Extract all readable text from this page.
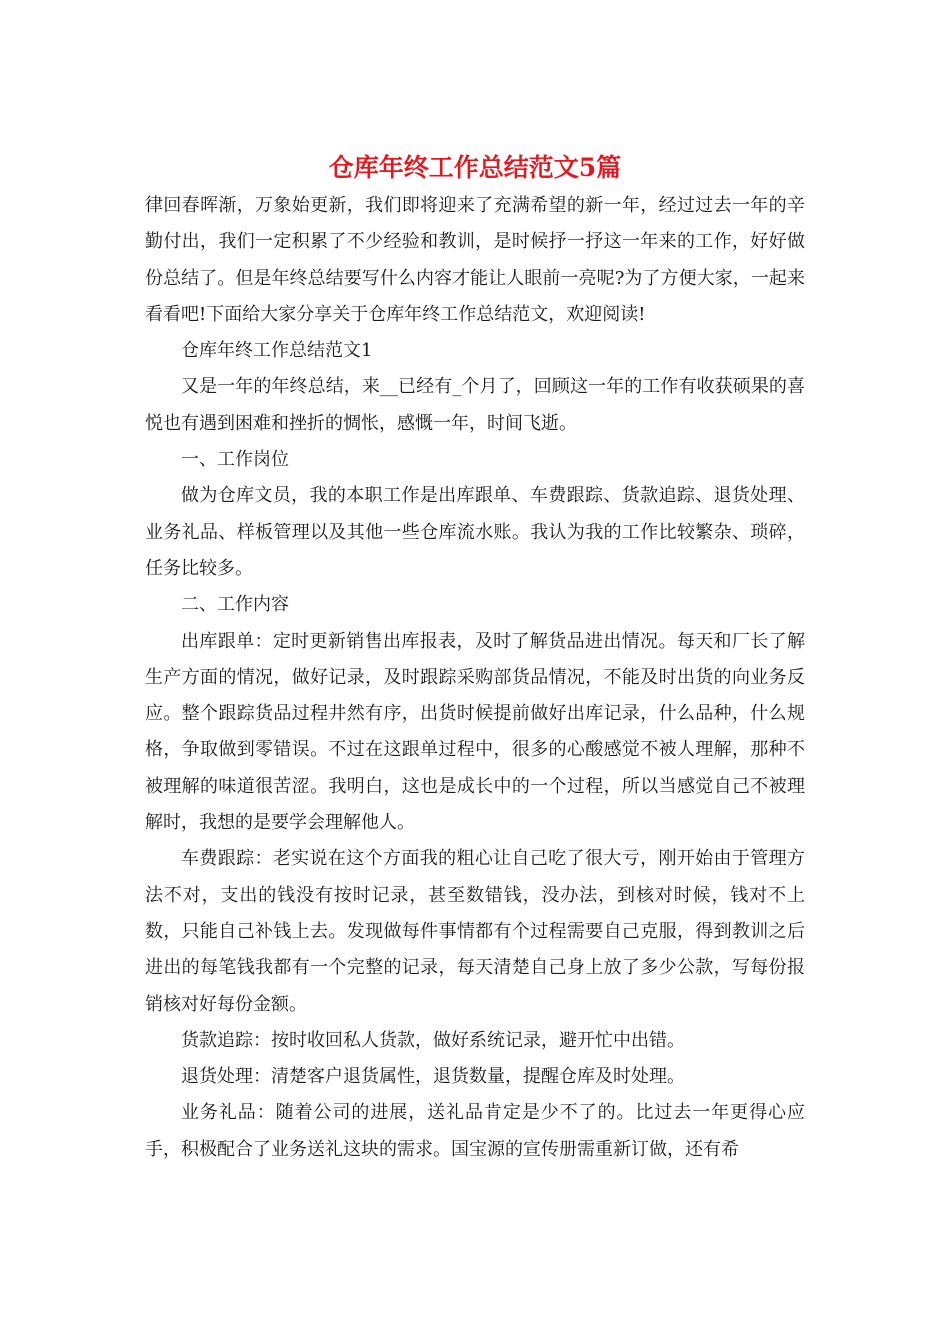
仓库年终工作总结范文5篇

律回春晖渐，万象始更新，我们即将迎来了充满希望的新一年，经过过去一年的辛勤付出，我们一定积累了不少经验和教训，是时候抒一抒这一年来的工作，好好做份总结了。但是年终总结要写什么内容才能让人眼前一亮呢?为了方便大家，一起来看看吧!下面给大家分享关于仓库年终工作总结范文，欢迎阅读!

仓库年终工作总结范文1

又是一年的年终总结，来__已经有_个月了，回顾这一年的工作有收获硕果的喜悦也有遇到困难和挫折的惆怅，感慨一年，时间飞逝。

一、工作岗位

做为仓库文员，我的本职工作是出库跟单、车费跟踪、货款追踪、退货处理、业务礼品、样板管理以及其他一些仓库流水账。我认为我的工作比较繁杂、琐碎，任务比较多。

二、工作内容

出库跟单：定时更新销售出库报表，及时了解货品进出情况。每天和厂长了解生产方面的情况，做好记录，及时跟踪采购部货品情况，不能及时出货的向业务反应。整个跟踪货品过程井然有序，出货时候提前做好出库记录，什么品种，什么规格，争取做到零错误。不过在这跟单过程中，很多的心酸感觉不被人理解，那种不被理解的味道很苦涩。我明白，这也是成长中的一个过程，所以当感觉自己不被理解时，我想的是要学会理解他人。

车费跟踪：老实说在这个方面我的粗心让自己吃了很大亏，刚开始由于管理方法不对，支出的钱没有按时记录，甚至数错钱，没办法，到核对时候，钱对不上数，只能自己补钱上去。发现做每件事情都有个过程需要自己克服，得到教训之后进出的每笔钱我都有一个完整的记录，每天清楚自己身上放了多少公款，写每份报销核对好每份金额。

货款追踪：按时收回私人货款，做好系统记录，避开忙中出错。

退货处理：清楚客户退货属性，退货数量，提醒仓库及时处理。

业务礼品：随着公司的进展，送礼品肯定是少不了的。比过去一年更得心应手，积极配合了业务送礼这块的需求。国宝源的宣传册需重新订做，还有希
